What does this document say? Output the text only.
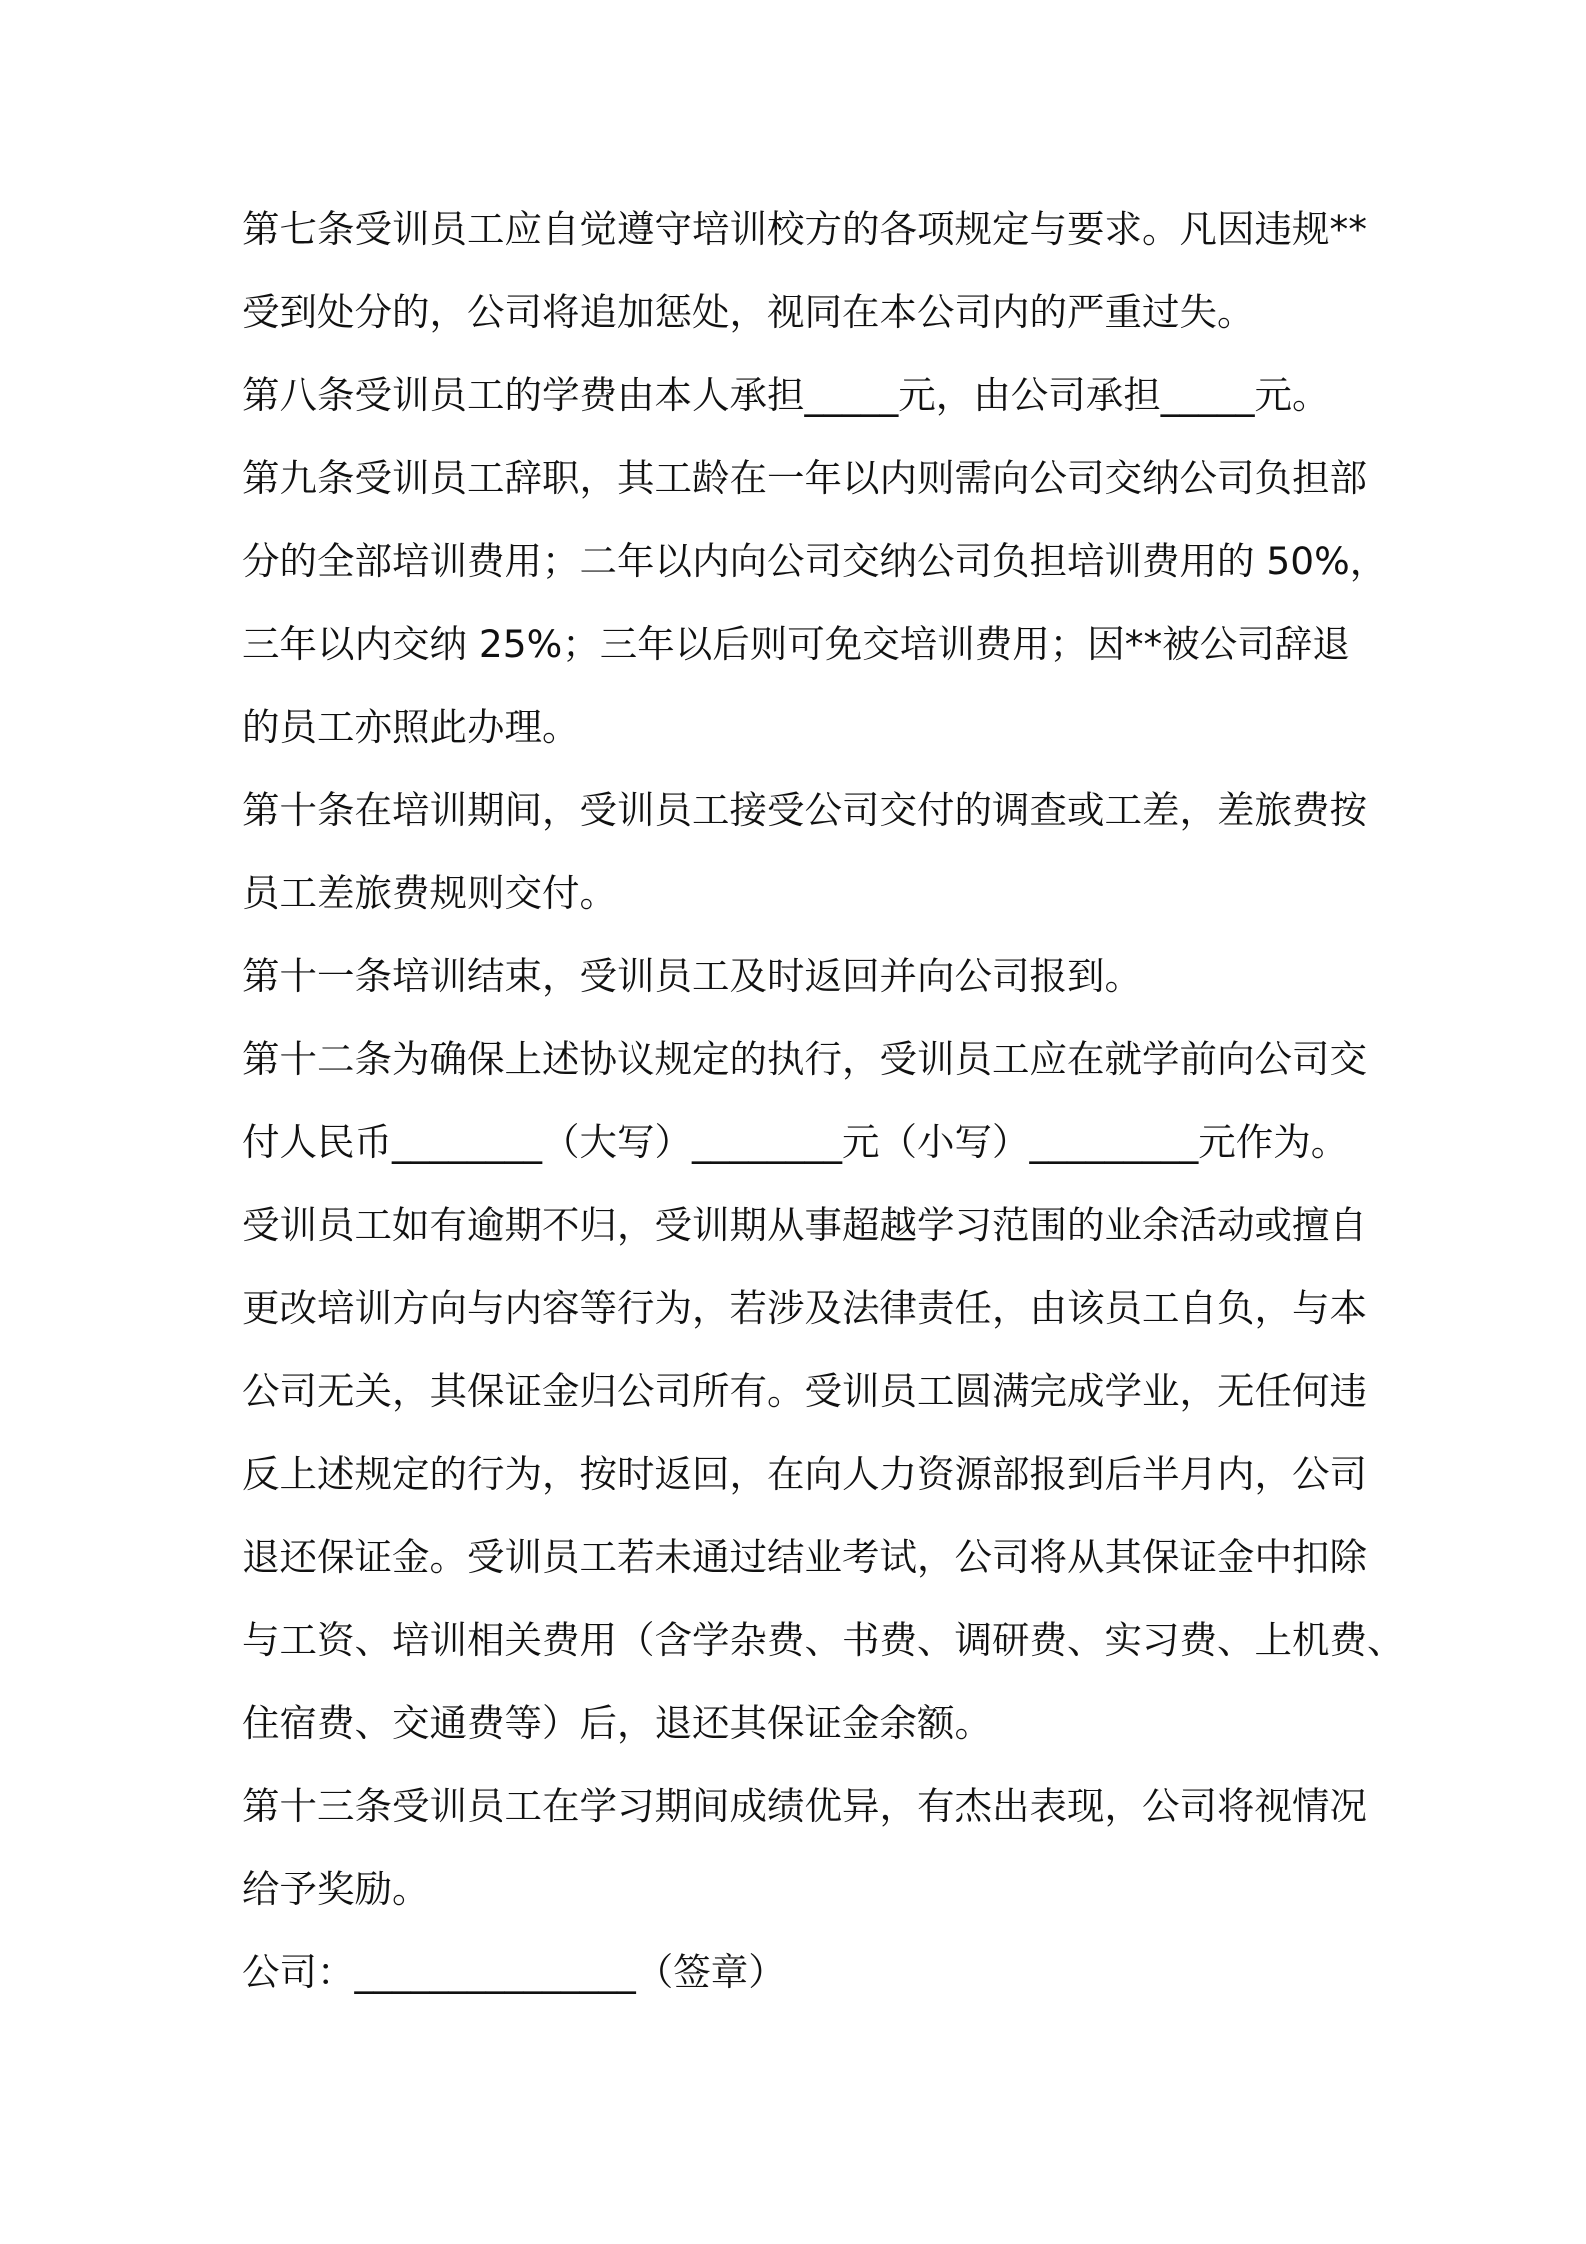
第七条受训员工应自觉遵守培训校方的各项规定与要求。凡因违规**
受到处分的，公司将追加惩处，视同在本公司内的严重过失。
第八条受训员工的学费由本人承担_____元，由公司承担_____元。
第九条受训员工辞职，其工龄在一年以内则需向公司交纳公司负担部
分的全部培训费用；二年以内向公司交纳公司负担培训费用的 50%，
三年以内交纳 25%；三年以后则可免交培训费用；因**被公司辞退
的员工亦照此办理。
第十条在培训期间，受训员工接受公司交付的调查或工差，差旅费按
员工差旅费规则交付。
第十一条培训结束，受训员工及时返回并向公司报到。
第十二条为确保上述协议规定的执行，受训员工应在就学前向公司交
付人民币________（大写）________元（小写）_________元作为。
受训员工如有逾期不归，受训期从事超越学习范围的业余活动或擅自
更改培训方向与内容等行为，若涉及法律责任，由该员工自负，与本
公司无关，其保证金归公司所有。受训员工圆满完成学业，无任何违
反上述规定的行为，按时返回，在向人力资源部报到后半月内，公司
退还保证金。受训员工若未通过结业考试，公司将从其保证金中扣除
与工资、培训相关费用（含学杂费、书费、调研费、实习费、上机费、
住宿费、交通费等）后，退还其保证金余额。
第十三条受训员工在学习期间成绩优异，有杰出表现，公司将视情况
给予奖励。
公司：_______________（签章）
